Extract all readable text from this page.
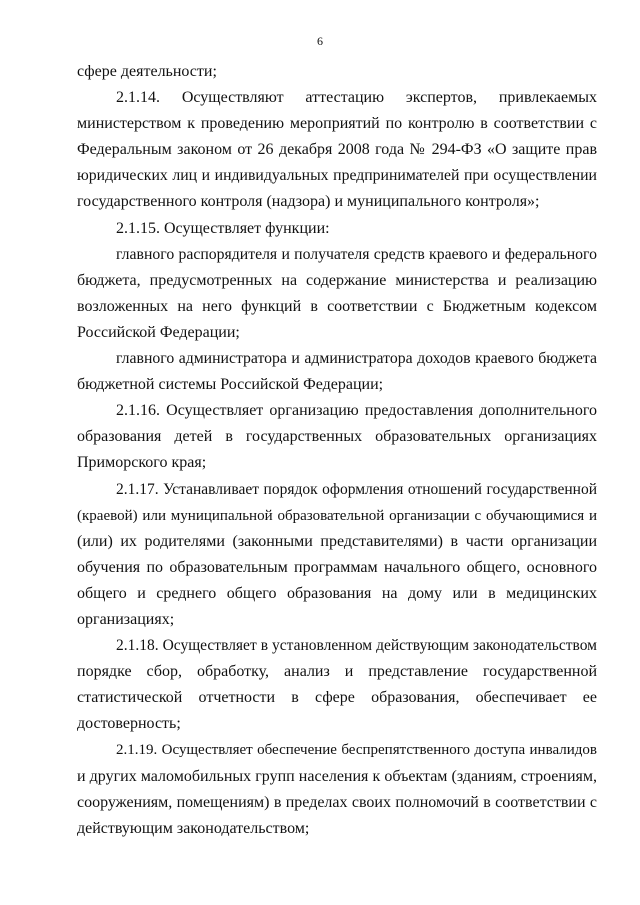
6
сфере деятельности;
2.1.14. Осуществляют аттестацию экспертов, привлекаемых
министерством к проведению мероприятий по контролю в соответствии с
Федеральным законом от 26 декабря 2008 года № 294-ФЗ «О защите прав
юридических лиц и индивидуальных предпринимателей при осуществлении
государственного контроля (надзора) и муниципального контроля»;
2.1.15. Осуществляет функции:
главного распорядителя и получателя средств краевого и федерального
бюджета, предусмотренных на содержание министерства и реализацию
возложенных на него функций в соответствии с Бюджетным кодексом
Российской Федерации;
главного администратора и администратора доходов краевого бюджета
бюджетной системы Российской Федерации;
2.1.16. Осуществляет организацию предоставления дополнительного
образования детей в государственных образовательных организациях
Приморского края;
2.1.17. Устанавливает порядок оформления отношений государственной
(краевой) или муниципальной образовательной организации с обучающимися и
(или) их родителями (законными представителями) в части организации
обучения по образовательным программам начального общего, основного
общего и среднего общего образования на дому или в медицинских
организациях;
2.1.18. Осуществляет в установленном действующим законодательством
порядке сбор, обработку, анализ и представление государственной
статистической отчетности в сфере образования, обеспечивает ее
достоверность;
2.1.19. Осуществляет обеспечение беспрепятственного доступа инвалидов
и других маломобильных групп населения к объектам (зданиям, строениям,
сооружениям, помещениям) в пределах своих полномочий в соответствии с
действующим законодательством;
